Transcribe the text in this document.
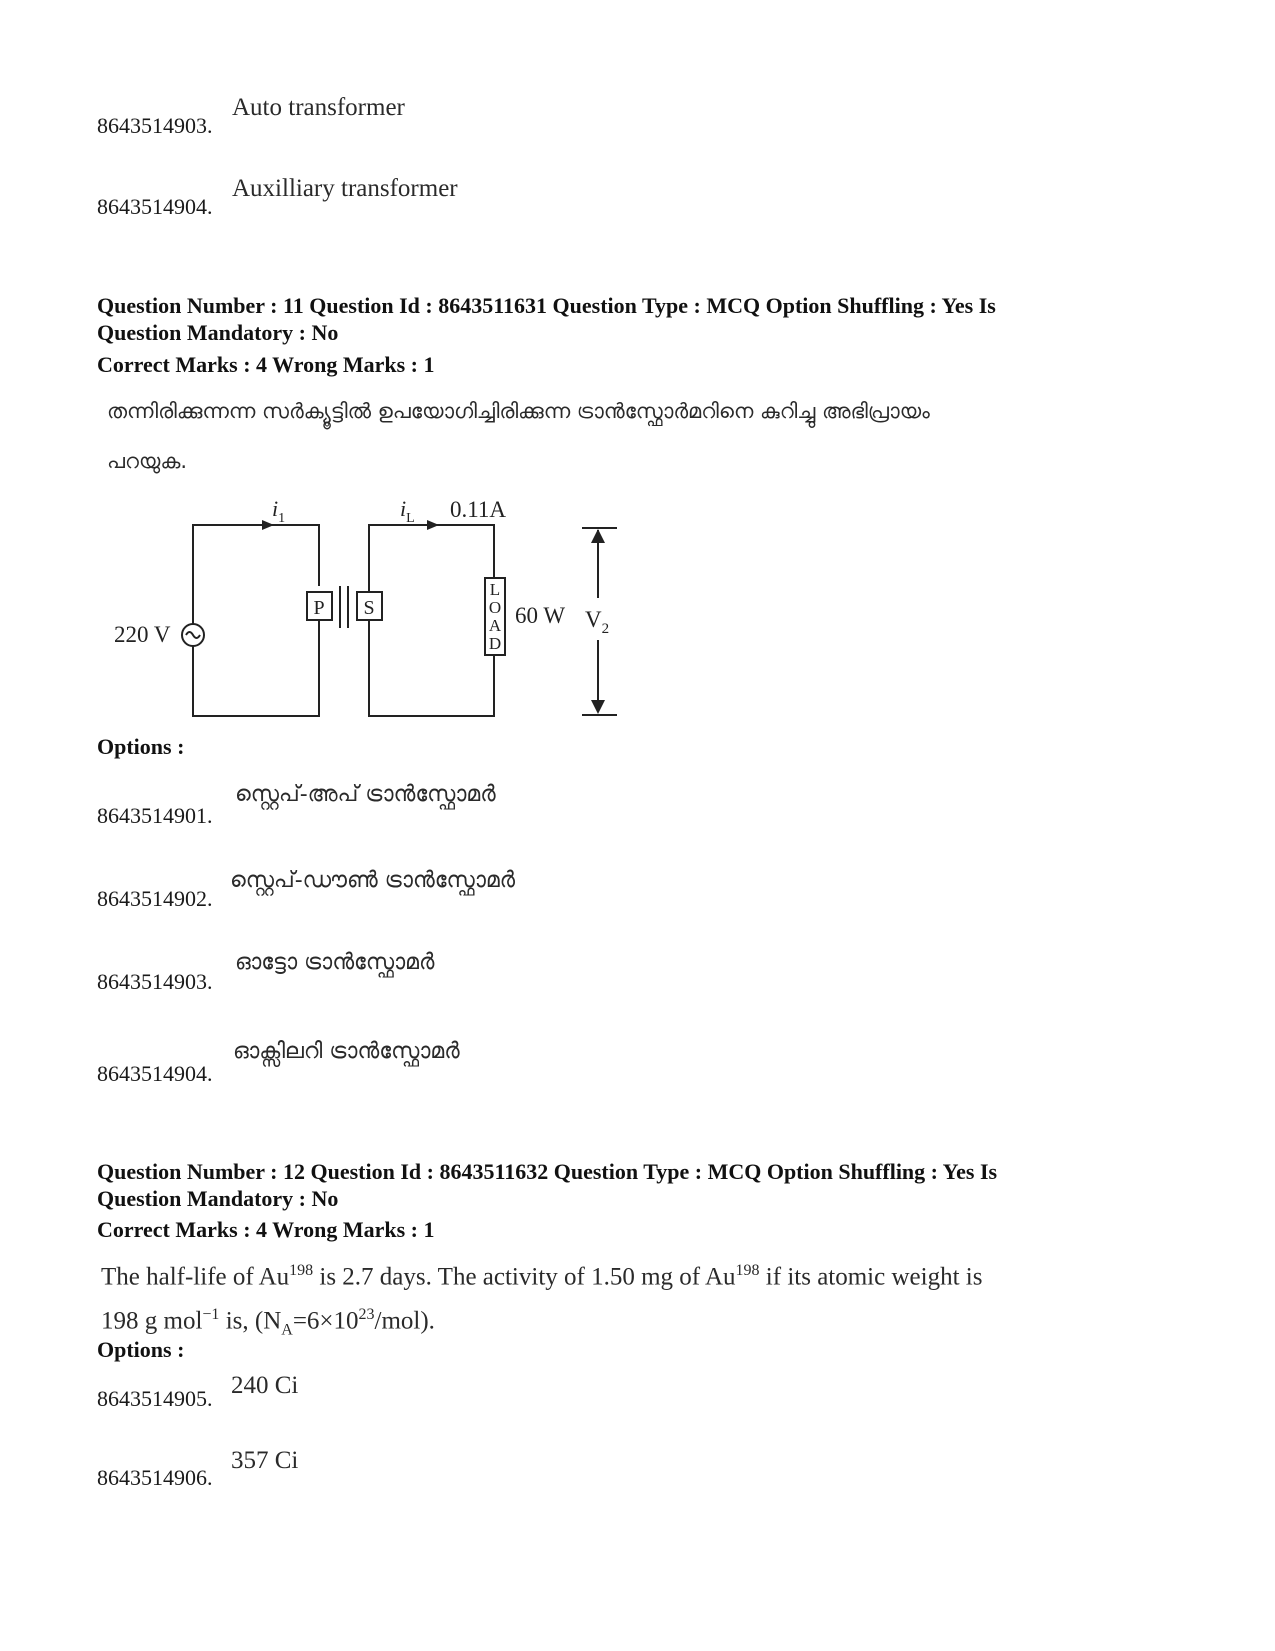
Auto transformer
8643514903.
Auxilliary transformer
8643514904.
Question Number : 11 Question Id : 8643511631 Question Type : MCQ Option Shuffling : Yes Is
Question Mandatory : No
Correct Marks : 4 Wrong Marks : 1
തന്നിരിക്കുന്നന്ന സർക്യൂട്ടിൽ ഉപയോഗിച്ചിരിക്കുന്ന ട്രാൻസ്ഫോർമറിനെ കുറിച്ചു അഭിപ്രായം
പറയുക.
$i_1$	$i_L$ 0.11A
220 V
P S
L
O
A
D
60 W $V_2$
Options :
സ്റ്റെപ്-അപ് ട്രാൻസ്ഫോമർ
8643514901.
സ്റ്റെപ്-ഡൗൺ ട്രാൻസ്ഫോമർ
8643514902.
ഓട്ടോ ട്രാൻസ്ഫോമർ
8643514903.
ഓക്സിലറി ട്രാൻസ്ഫോമർ
8643514904.
Question Number : 12 Question Id : 8643511632 Question Type : MCQ Option Shuffling : Yes Is
Question Mandatory : No
Correct Marks : 4 Wrong Marks : 1
The half-life of Au$^{198}$ is 2.7 days. The activity of 1.50 mg of Au$^{198}$ if its atomic weight is
198 g mol$^{-1}$ is, $(N_A=6\times 10^{23}/mol)$.
Options :
240 Ci
8643514905.
357 Ci
8643514906.
